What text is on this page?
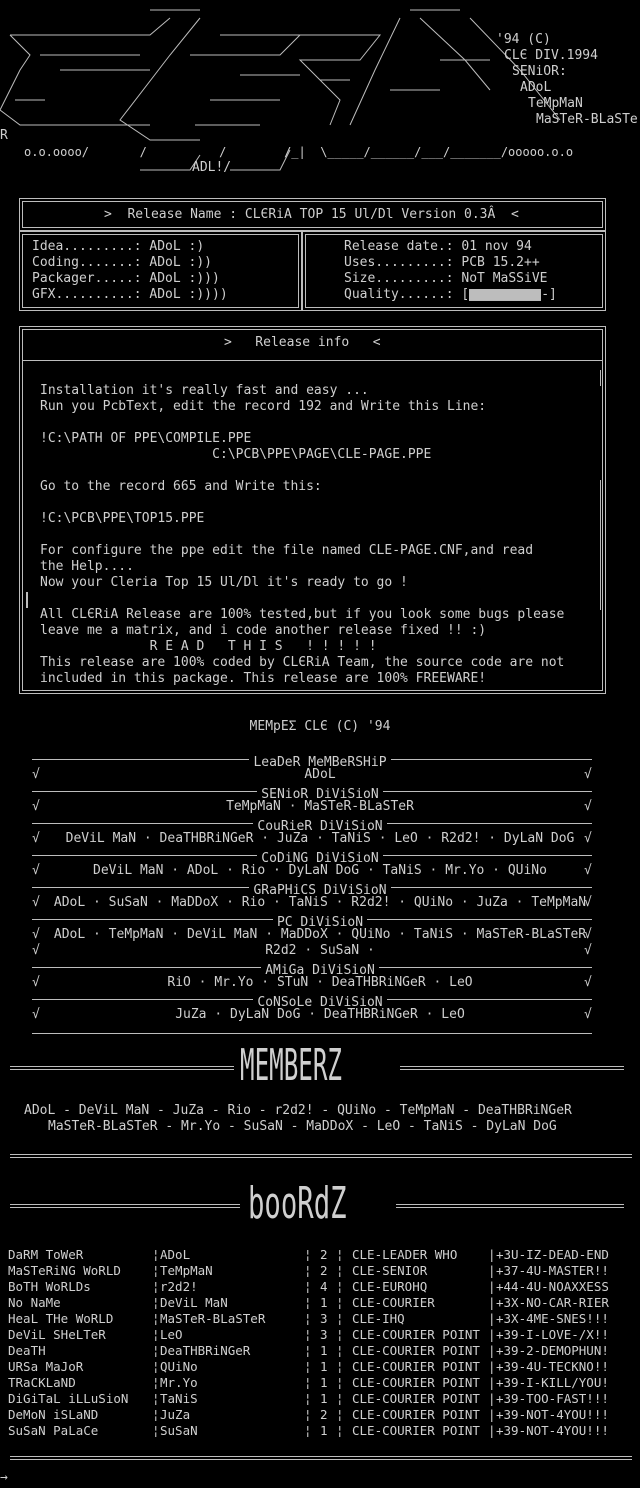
'94 (C)
CLЄ DIV.1994
SENiOR:
ADoL
TeMpMaN
MaSTeR-BLaSTe
R
o.o.oooo/       /          /        /_|  \_____/______/___/_______/ooooo.o.o
ADL!/
>  Release Name : CLЄRiA TOP 15 Ul/Dl Version 0.3Â  <
Idea.........: ADoL :)
Coding.......: ADoL :))
Packager.....: ADoL :)))
GFX..........: ADoL :))))
Release date.: 01 nov 94
Uses.........: PCB 15.2++
Size.........: NoT MaSSiVE
Quality......: [	-]
>   Release info   <
Installation it's really fast and easy ...
Run you PcbText, edit the record 192 and Write this Line:
!C:\PATH OF PPE\COMPILE.PPE
C:\PCB\PPE\PAGE\CLE-PAGE.PPE
Go to the record 665 and Write this:
!C:\PCB\PPE\TOP15.PPE
For configure the ppe edit the file named CLE-PAGE.CNF,and read
the Help....
Now your Cleria Top 15 Ul/Dl it's ready to go !
All CLЄRiA Release are 100% tested,but if you look some bugs please
leave me a matrix, and i code another release fixed !! :)
R E A D   T H I S   ! ! ! ! !
This release are 100% coded by CLЄRiA Team, the source code are not
included in this package. This release are 100% FREEWARE!
MEMpEΣ CLЄ (C) '94
LeaDeR MeMBeRSHiP
√	√
ADoL
SENioR DiViSioN
√	√
TeMpMaN · MaSTeR-BLaSTeR
CouRieR DiViSioN
√	√
DeViL MaN · DeaTHBRiNGeR · JuZa · TaNiS · LeO · R2d2! · DyLaN DoG
CoDiNG DiViSioN
√	√
DeViL MaN · ADoL · Rio · DyLaN DoG · TaNiS · Mr.Yo · QUiNo
GRaPHiCS DiViSioN
√	√
ADoL · SuSaN · MaDDoX · Rio · TaNiS · R2d2! · QUiNo · JuZa · TeMpMaN
PC DiViSioN
√	√
ADoL · TeMpMaN · DeViL MaN · MaDDoX · QUiNo · TaNiS · MaSTeR-BLaSTeR
√	√
R2d2 · SuSaN ·
AMiGa DiViSioN
√	√
RiO · Mr.Yo · STuN · DeaTHBRiNGeR · LeO
CoNSoLe DiViSioN
√	√
JuZa · DyLaN DoG · DeaTHBRiNGeR · LeO
MEMBERZ
ADoL - DeViL MaN - JuZa - Rio - r2d2! - QUiNo - TeMpMaN - DeaTHBRiNGeR
MaSTeR-BLaSTeR - Mr.Yo - SuSaN - MaDDoX - LeO - TaNiS - DyLaN DoG
booRdZ
DaRM ToWeR	¦ ADoL	¦ 2 ¦ CLE-LEADER WHO | +3U-IZ-DEAD-END
MaSTeRiNG WoRLD ¦ TeMpMaN	¦ 2 ¦ CLE-SENIOR	| +37-4U-MASTER!!
BoTH WoRLDs	¦ r2d2!	¦ 4 ¦ CLE-EUROHQ	| +44-4U-NOAXXESS
No NaMe	¦ DeViL MaN	¦ 1 ¦ CLE-COURIER	| +3X-NO-CAR-RIER
HeaL THe WoRLD	¦ MaSTeR-BLaSTeR	¦ 3 ¦ CLE-IHQ	| +3X-4ME-SNES!!!
DeViL SHeLTeR	¦ LeO	¦ 3 ¦ CLE-COURIER POINT | +39-I-LOVE-/X!!
DeaTH	¦ DeaTHBRiNGeR	¦ 1 ¦ CLE-COURIER POINT | +39-2-DEMOPHUN!
URSa MaJoR	¦ QUiNo	¦ 1 ¦ CLE-COURIER POINT | +39-4U-TECKNO!!
TRaCKLaND	¦ Mr.Yo	¦ 1 ¦ CLE-COURIER POINT | +39-I-KILL/YOU!
DiGiTaL iLLuSioN ¦ TaNiS	¦ 1 ¦ CLE-COURIER POINT | +39-TOO-FAST!!!
DeMoN iSLaND	¦ JuZa	¦ 2 ¦ CLE-COURIER POINT | +39-NOT-4YOU!!!
SuSaN PaLaCe	¦ SuSaN	¦ 1 ¦ CLE-COURIER POINT | +39-NOT-4YOU!!!
→
